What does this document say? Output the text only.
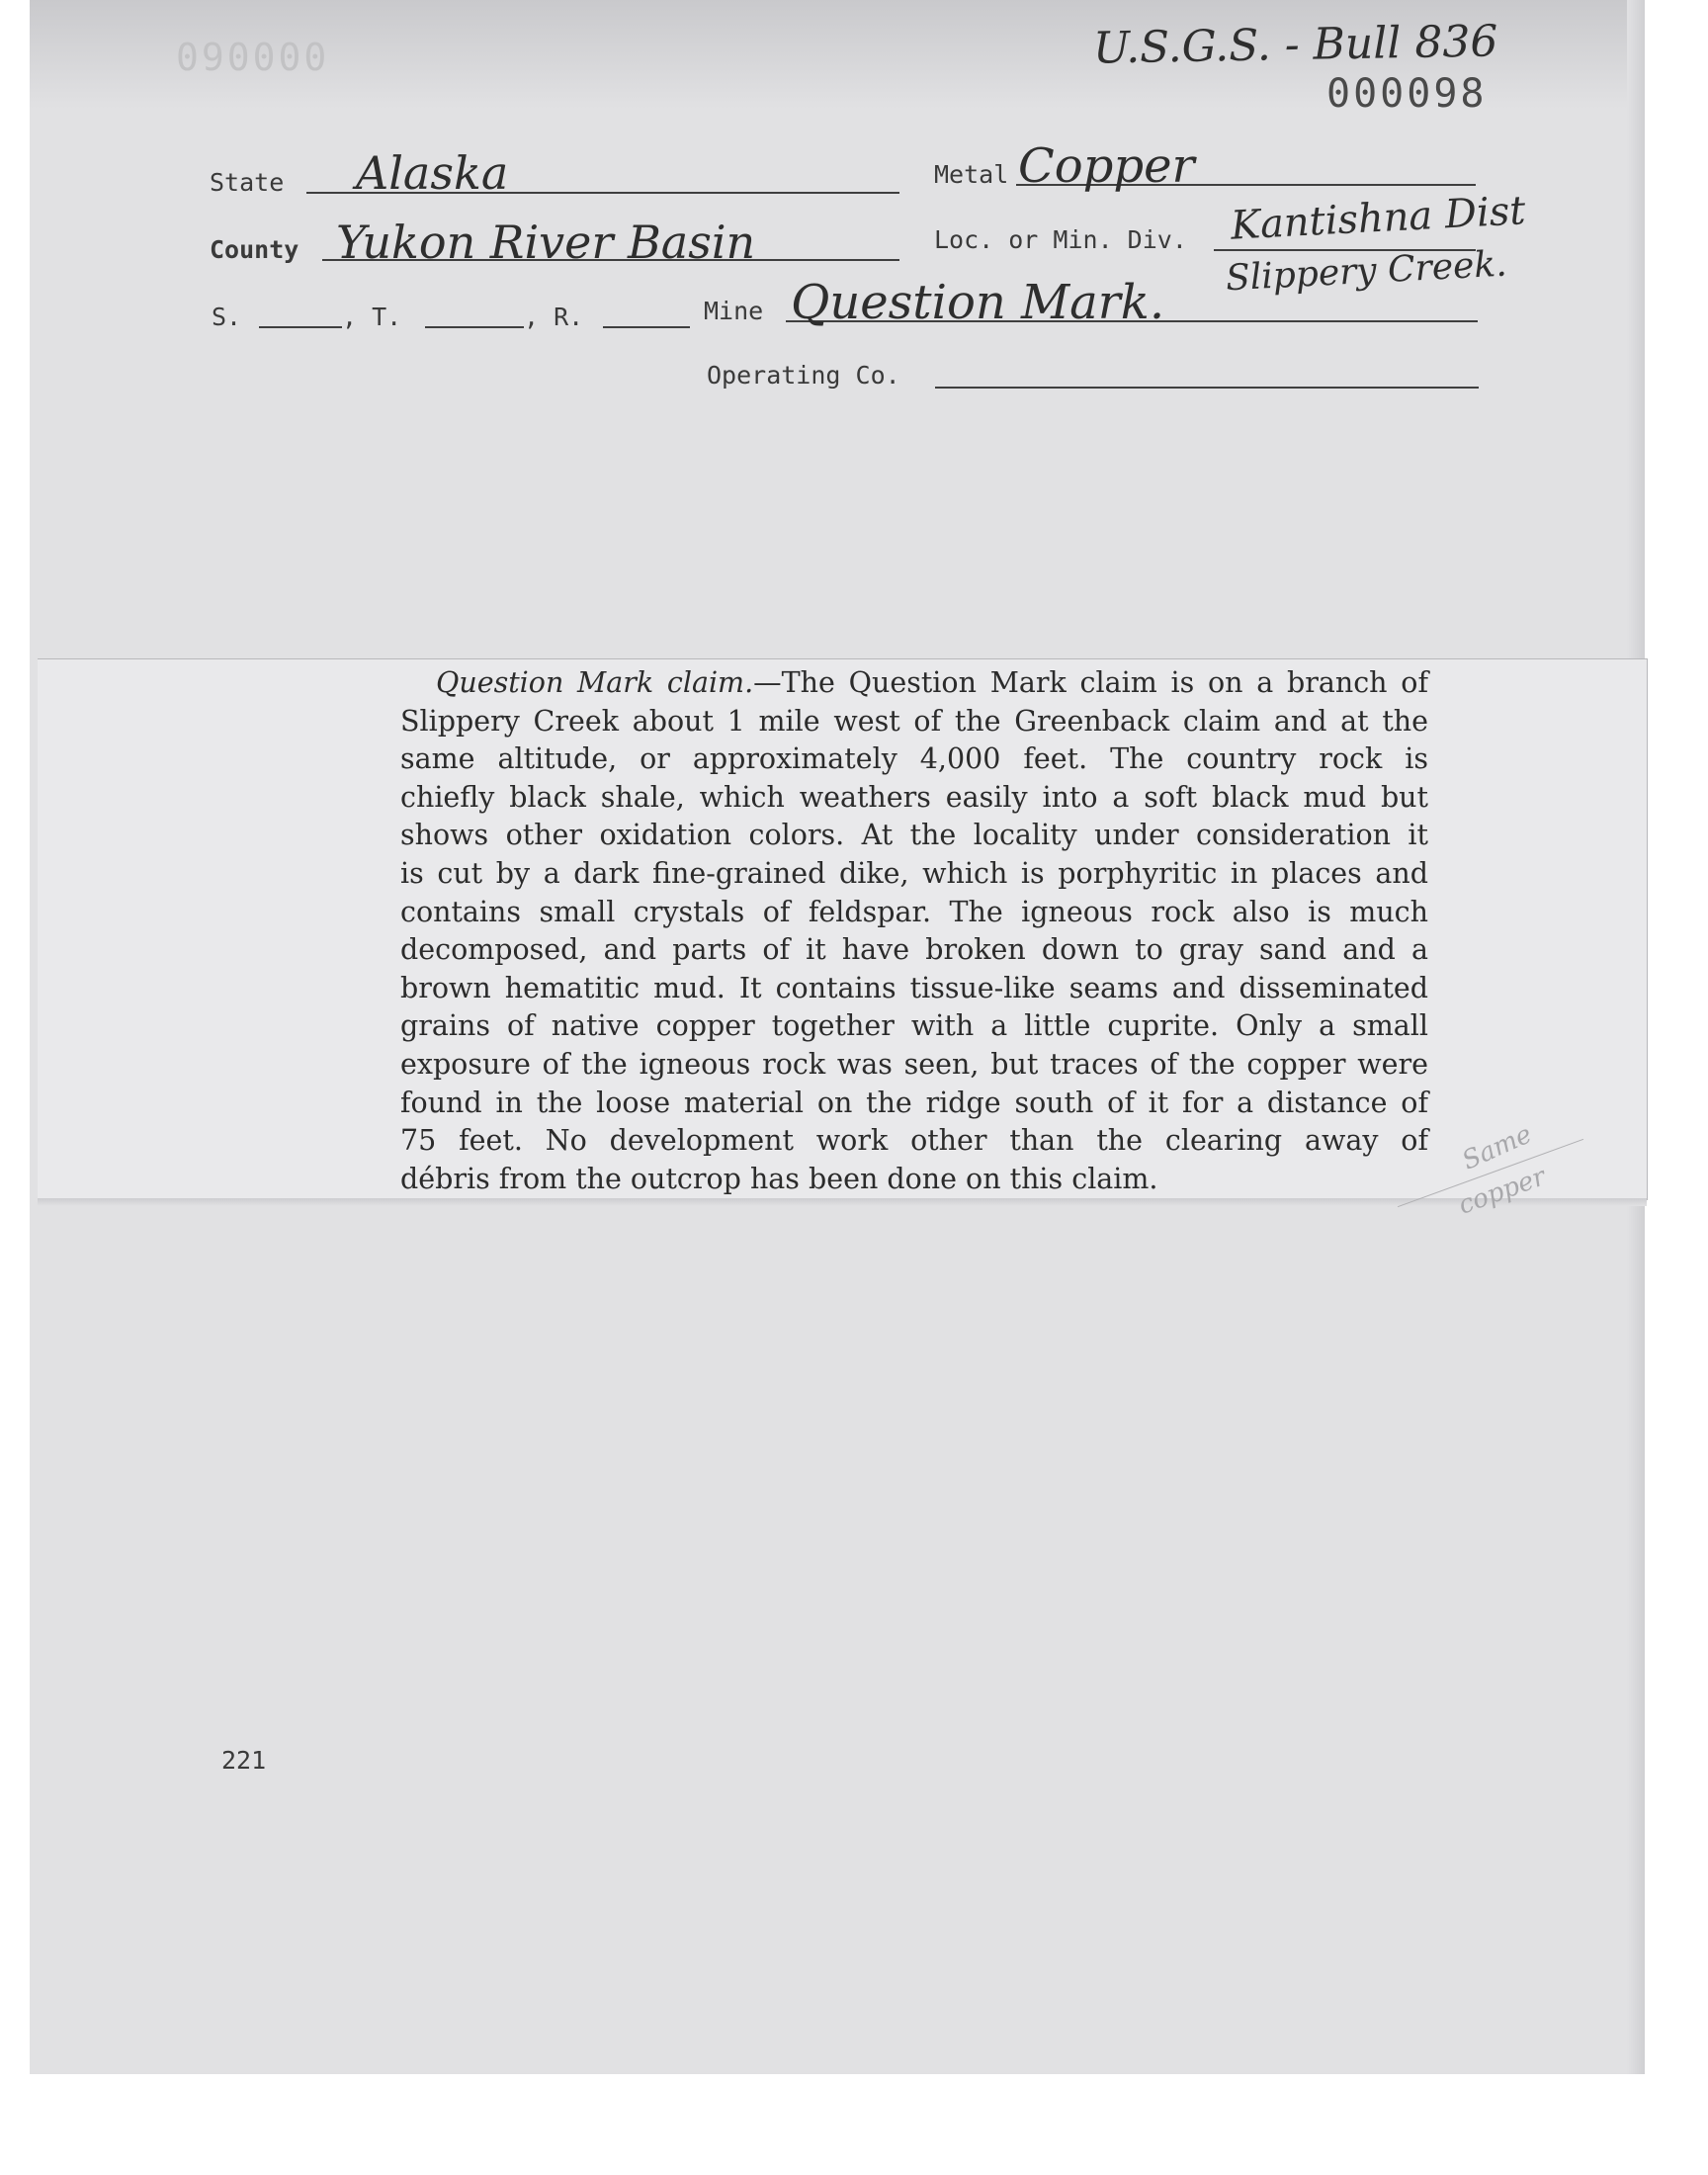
090000	U.S.G.S. - Bull 836
000098
State Alaska	Metal Copper
County Yukon River Basin	Loc. or Min. Div. Kantishna Dist
Slippery Creek.
S.	, T.	, R.	Mine Question Mark.
Operating Co.
Question Mark claim.—The Question Mark claim is on a branch of
Slippery Creek about 1 mile west of the Greenback claim and at the
same altitude, or approximately 4,000 feet. The country rock is
chiefly black shale, which weathers easily into a soft black mud but
shows other oxidation colors. At the locality under consideration it
is cut by a dark fine-grained dike, which is porphyritic in places and
contains small crystals of feldspar. The igneous rock also is much
decomposed, and parts of it have broken down to gray sand and a
brown hematitic mud. It contains tissue-like seams and disseminated
grains of native copper together with a little cuprite. Only a small
exposure of the igneous rock was seen, but traces of the copper were
found in the loose material on the ridge south of it for a distance of
75 feet. No development work other than the clearing away of
débris from the outcrop has been done on this claim.
Same
copper
221
